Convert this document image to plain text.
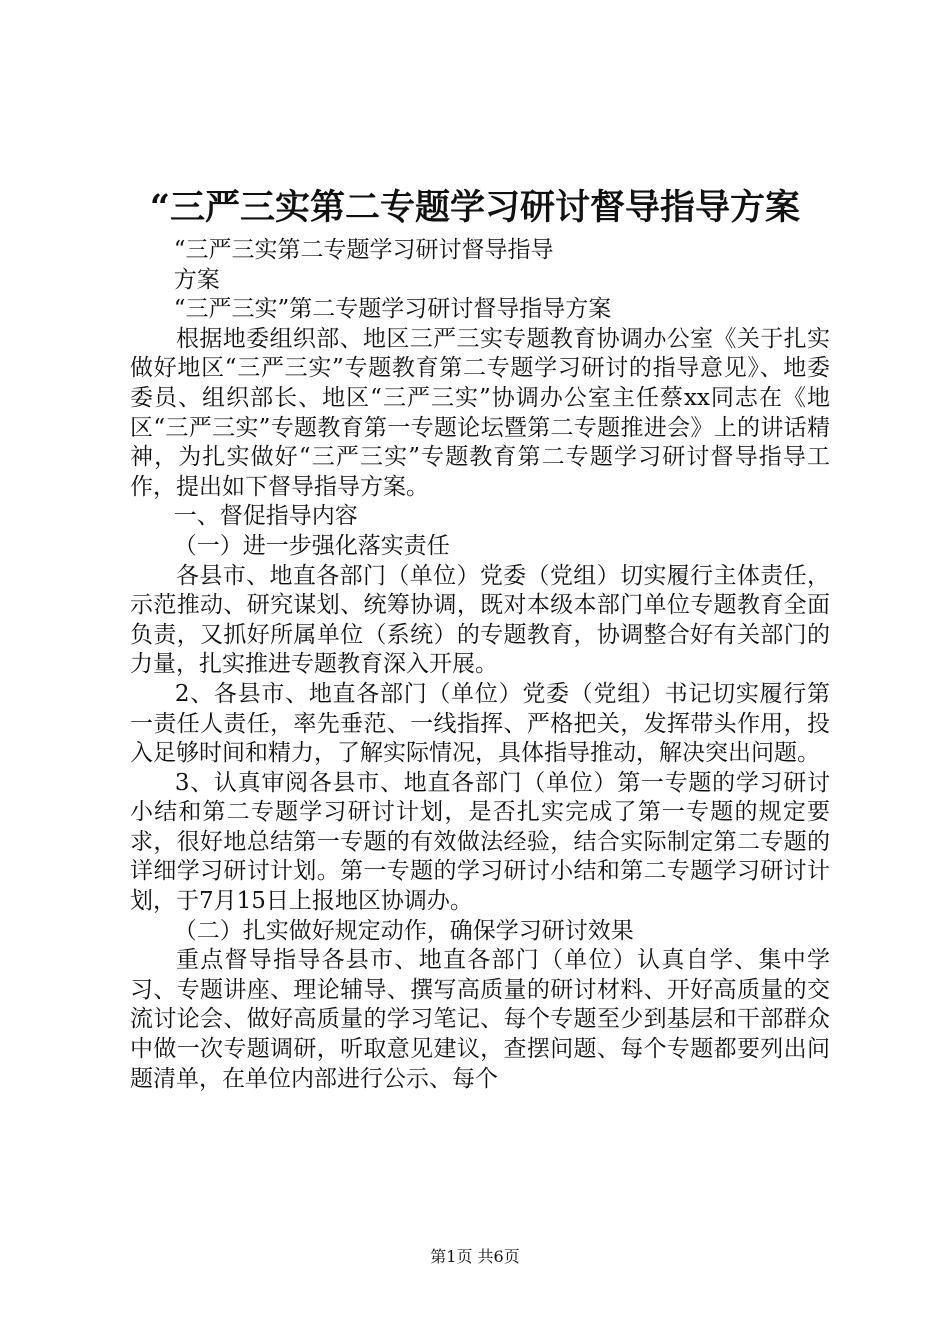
“三严三实第二专题学习研讨督导指导方案

“三严三实第二专题学习研讨督导指导

方案

“三严三实”第二专题学习研讨督导指导方案

根据地委组织部、地区三严三实专题教育协调办公室《关于扎实做好地区“三严三实”专题教育第二专题学习研讨的指导意见》、地委委员、组织部长、地区“三严三实”协调办公室主任蔡xx同志在《地区“三严三实”专题教育第一专题论坛暨第二专题推进会》上的讲话精神，为扎实做好“三严三实”专题教育第二专题学习研讨督导指导工作，提出如下督导指导方案。

一、督促指导内容

（一）进一步强化落实责任

各县市、地直各部门（单位）党委（党组）切实履行主体责任，示范推动、研究谋划、统筹协调，既对本级本部门单位专题教育全面负责，又抓好所属单位（系统）的专题教育，协调整合好有关部门的力量，扎实推进专题教育深入开展。

2、各县市、地直各部门（单位）党委（党组）书记切实履行第一责任人责任，率先垂范、一线指挥、严格把关，发挥带头作用，投入足够时间和精力，了解实际情况，具体指导推动，解决突出问题。

3、认真审阅各县市、地直各部门（单位）第一专题的学习研讨小结和第二专题学习研讨计划，是否扎实完成了第一专题的规定要求，很好地总结第一专题的有效做法经验，结合实际制定第二专题的详细学习研讨计划。第一专题的学习研讨小结和第二专题学习研讨计划，于7月15日上报地区协调办。

（二）扎实做好规定动作，确保学习研讨效果

重点督导指导各县市、地直各部门（单位）认真自学、集中学习、专题讲座、理论辅导、撰写高质量的研讨材料、开好高质量的交流讨论会、做好高质量的学习笔记、每个专题至少到基层和干部群众中做一次专题调研，听取意见建议，查摆问题、每个专题都要列出问题清单，在单位内部进行公示、每个

第1页 共6页
